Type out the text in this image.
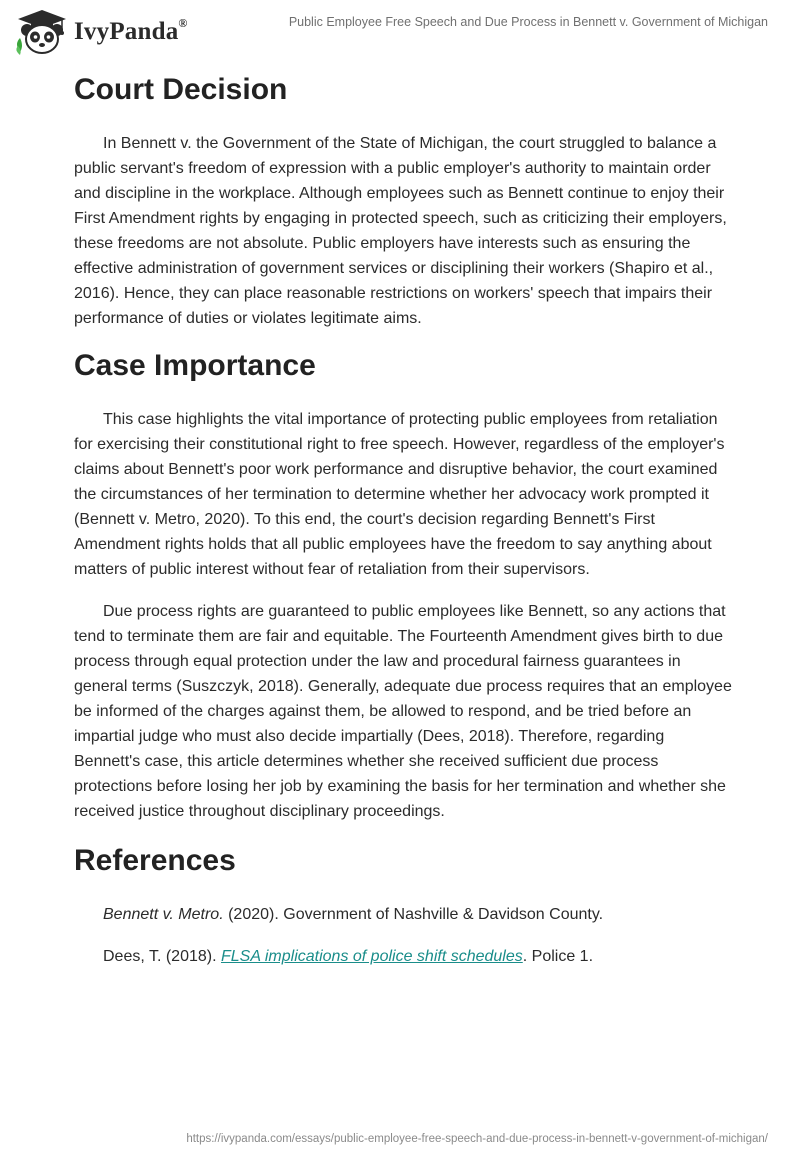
IvyPanda®	Public Employee Free Speech and Due Process in Bennett v. Government of Michigan
Court Decision

In Bennett v. the Government of the State of Michigan, the court struggled to balance a public servant's freedom of expression with a public employer's authority to maintain order and discipline in the workplace. Although employees such as Bennett continue to enjoy their First Amendment rights by engaging in protected speech, such as criticizing their employers, these freedoms are not absolute. Public employers have interests such as ensuring the effective administration of government services or disciplining their workers (Shapiro et al., 2016). Hence, they can place reasonable restrictions on workers' speech that impairs their performance of duties or violates legitimate aims.

Case Importance

This case highlights the vital importance of protecting public employees from retaliation for exercising their constitutional right to free speech. However, regardless of the employer's claims about Bennett's poor work performance and disruptive behavior, the court examined the circumstances of her termination to determine whether her advocacy work prompted it (Bennett v. Metro, 2020). To this end, the court's decision regarding Bennett's First Amendment rights holds that all public employees have the freedom to say anything about matters of public interest without fear of retaliation from their supervisors.

Due process rights are guaranteed to public employees like Bennett, so any actions that tend to terminate them are fair and equitable. The Fourteenth Amendment gives birth to due process through equal protection under the law and procedural fairness guarantees in general terms (Suszczyk, 2018). Generally, adequate due process requires that an employee be informed of the charges against them, be allowed to respond, and be tried before an impartial judge who must also decide impartially (Dees, 2018). Therefore, regarding Bennett's case, this article determines whether she received sufficient due process protections before losing her job by examining the basis for her termination and whether she received justice throughout disciplinary proceedings.

References

Bennett v. Metro. (2020). Government of Nashville & Davidson County.

Dees, T. (2018). FLSA implications of police shift schedules. Police 1.

https://ivypanda.com/essays/public-employee-free-speech-and-due-process-in-bennett-v-government-of-michigan/
